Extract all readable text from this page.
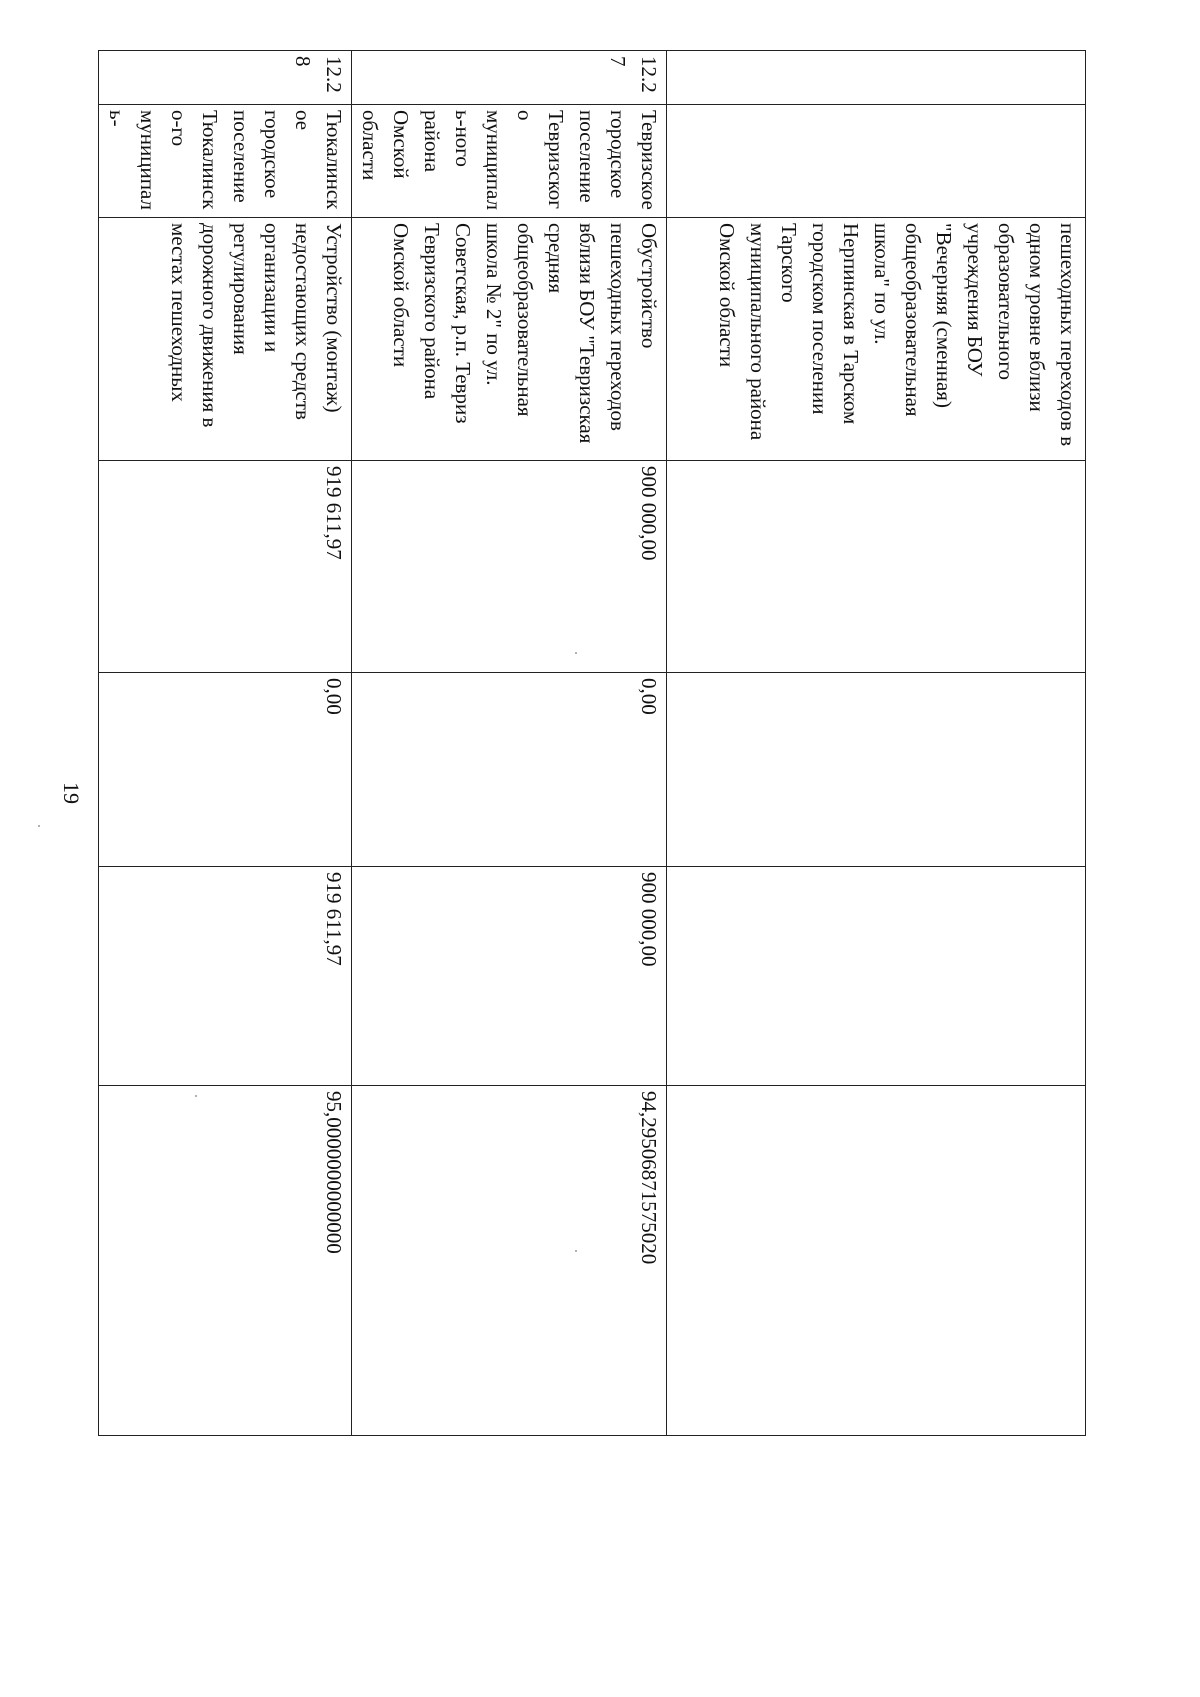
19
		пешеходных переходов в одном уровне вблизи образовательного учреждения БОУ "Вечерняя (сменная) общеобразовательная школа" по ул. Нерпинская в Тарском городском поселении Тарского муниципального района Омской области				
12.27	Тевризское городское поселение Тевризского муниципаль-ного района Омской области	Обустройство пешеходных переходов вблизи БОУ "Тевризская средняя общеобразовательная школа № 2" по ул. Советская, р.п. Тевриз Тевризского района Омской области	900 000,00	0,00	900 000,00	94,2950687157502‪0
12.28	Тюкалинское городское поселение Тюкалинско-го муниципаль-	Устройство (монтаж) недостающих средств организации и регулирования дорожного движения в местах пешеходных	919 611,97	0,00	919 611,97	95,0000000000000
